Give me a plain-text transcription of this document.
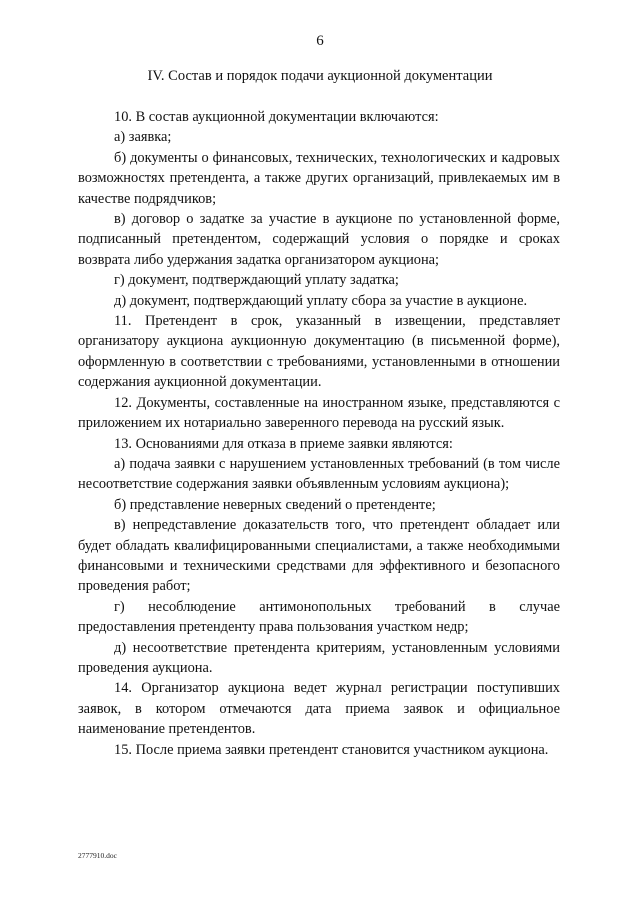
6
IV. Состав и порядок подачи аукционной документации

10. В состав аукционной документации включаются:

а) заявка;

б) документы о финансовых, технических, технологических и кадровых возможностях претендента, а также других организаций, привлекаемых им в качестве подрядчиков;

в) договор о задатке за участие в аукционе по установленной форме, подписанный претендентом, содержащий условия о порядке и сроках возврата либо удержания задатка организатором аукциона;

г) документ, подтверждающий уплату задатка;

д) документ, подтверждающий уплату сбора за участие в аукционе.

11. Претендент в срок, указанный в извещении, представляет организатору аукциона аукционную документацию (в письменной форме), оформленную в соответствии с требованиями, установленными в отношении содержания аукционной документации.

12. Документы, составленные на иностранном языке, представляются с приложением их нотариально заверенного перевода на русский язык.

13. Основаниями для отказа в приеме заявки являются:

а) подача заявки с нарушением установленных требований (в том числе несоответствие содержания заявки объявленным условиям аукциона);

б) представление неверных сведений о претенденте;

в) непредставление доказательств того, что претендент обладает или будет обладать квалифицированными специалистами, а также необходимыми финансовыми и техническими средствами для эффективного и безопасного проведения работ;

г) несоблюдение антимонопольных требований в случае предоставления претенденту права пользования участком недр;

д) несоответствие претендента критериям, установленным условиями проведения аукциона.

14. Организатор аукциона ведет журнал регистрации поступивших заявок, в котором отмечаются дата приема заявок и официальное наименование претендентов.

15. После приема заявки претендент становится участником аукциона.

2777910.doc
